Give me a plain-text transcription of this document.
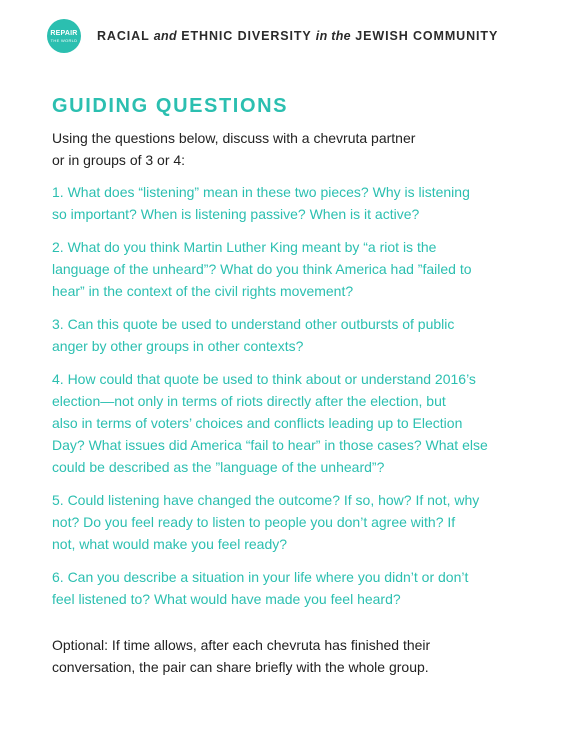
REPAIR
THE WORLD RACIAL and ETHNIC DIVERSITY in the JEWISH COMMUNITY
GUIDING QUESTIONS

Using the questions below, discuss with a chevruta partner
or in groups of 3 or 4:

1. What does “listening” mean in these two pieces? Why is listening
so important? When is listening passive? When is it active?
2. What do you think Martin Luther King meant by “a riot is the
language of the unheard”? What do you think America had ”failed to
hear” in the context of the civil rights movement?
3. Can this quote be used to understand other outbursts of public
anger by other groups in other contexts?
4. How could that quote be used to think about or understand 2016’s
election—not only in terms of riots directly after the election, but
also in terms of voters’ choices and conflicts leading up to Election
Day? What issues did America “fail to hear” in those cases? What else
could be described as the ”language of the unheard”?
5. Could listening have changed the outcome? If so, how? If not, why
not? Do you feel ready to listen to people you don’t agree with? If
not, what would make you feel ready?
6. Can you describe a situation in your life where you didn’t or don’t
feel listened to? What would have made you feel heard?

Optional: If time allows, after each chevruta has finished their
conversation, the pair can share briefly with the whole group.
